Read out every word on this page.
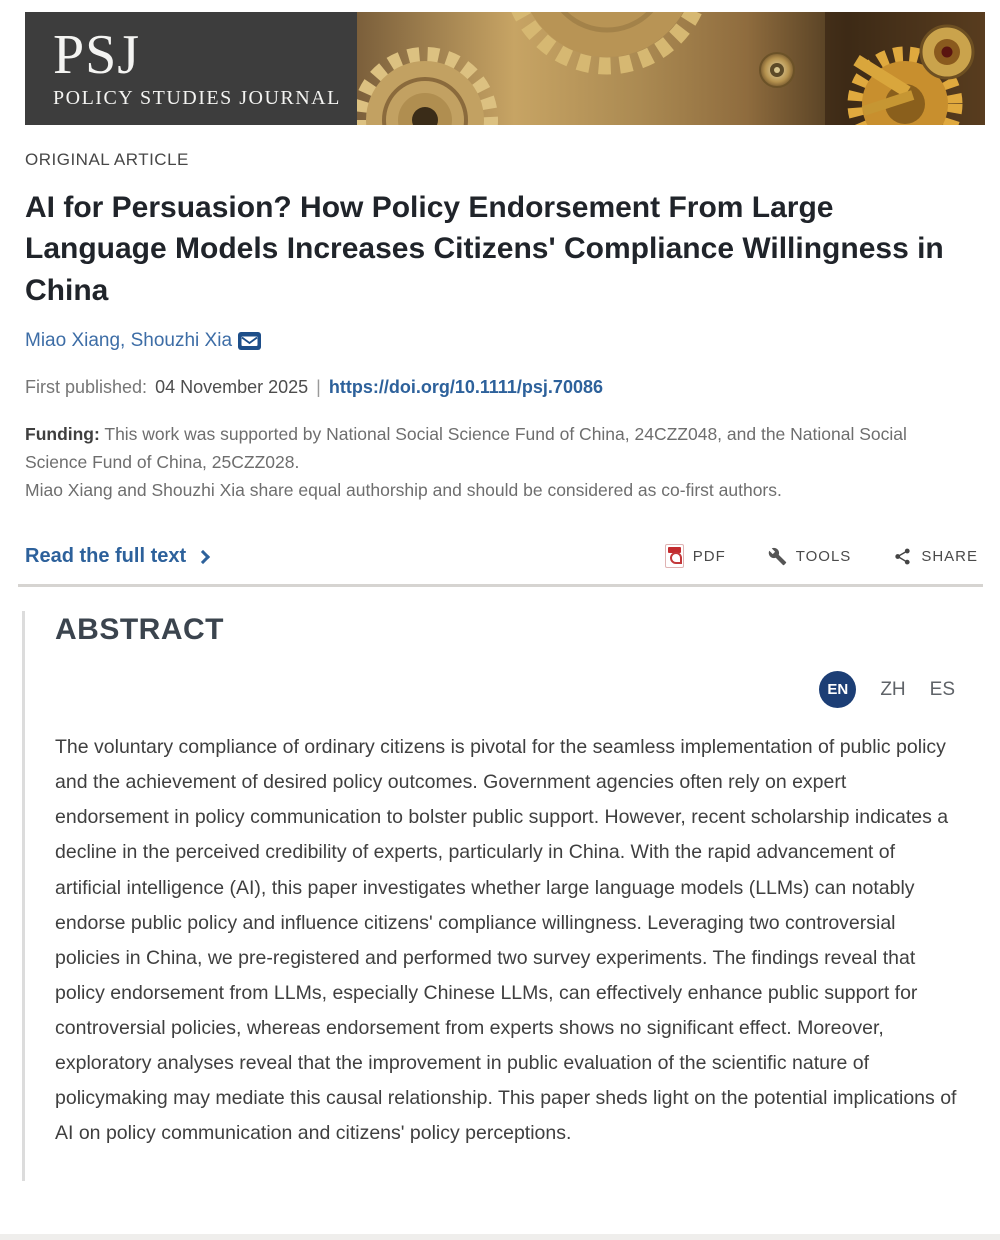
PSJ
POLICY STUDIES JOURNAL
ORIGINAL ARTICLE
AI for Persuasion? How Policy Endorsement From Large Language Models Increases Citizens' Compliance Willingness in China
Miao Xiang, Shouzhi Xia
First published: 04 November 2025 | https://doi.org/10.1111/psj.70086
Funding: This work was supported by National Social Science Fund of China, 24CZZ048, and the National Social Science Fund of China, 25CZZ028.
Miao Xiang and Shouzhi Xia share equal authorship and should be considered as co-first authors.
Read the full text	PDF	TOOLS	SHARE
ABSTRACT
EN	ZH ES

The voluntary compliance of ordinary citizens is pivotal for the seamless implementation of public policy and the achievement of desired policy outcomes. Government agencies often rely on expert endorsement in policy communication to bolster public support. However, recent scholarship indicates a decline in the perceived credibility of experts, particularly in China. With the rapid advancement of artificial intelligence (AI), this paper investigates whether large language models (LLMs) can notably endorse public policy and influence citizens' compliance willingness. Leveraging two controversial policies in China, we pre-registered and performed two survey experiments. The findings reveal that policy endorsement from LLMs, especially Chinese LLMs, can effectively enhance public support for controversial policies, whereas endorsement from experts shows no significant effect. Moreover, exploratory analyses reveal that the improvement in public evaluation of the scientific nature of policymaking may mediate this causal relationship. This paper sheds light on the potential implications of AI on policy communication and citizens' policy perceptions.
